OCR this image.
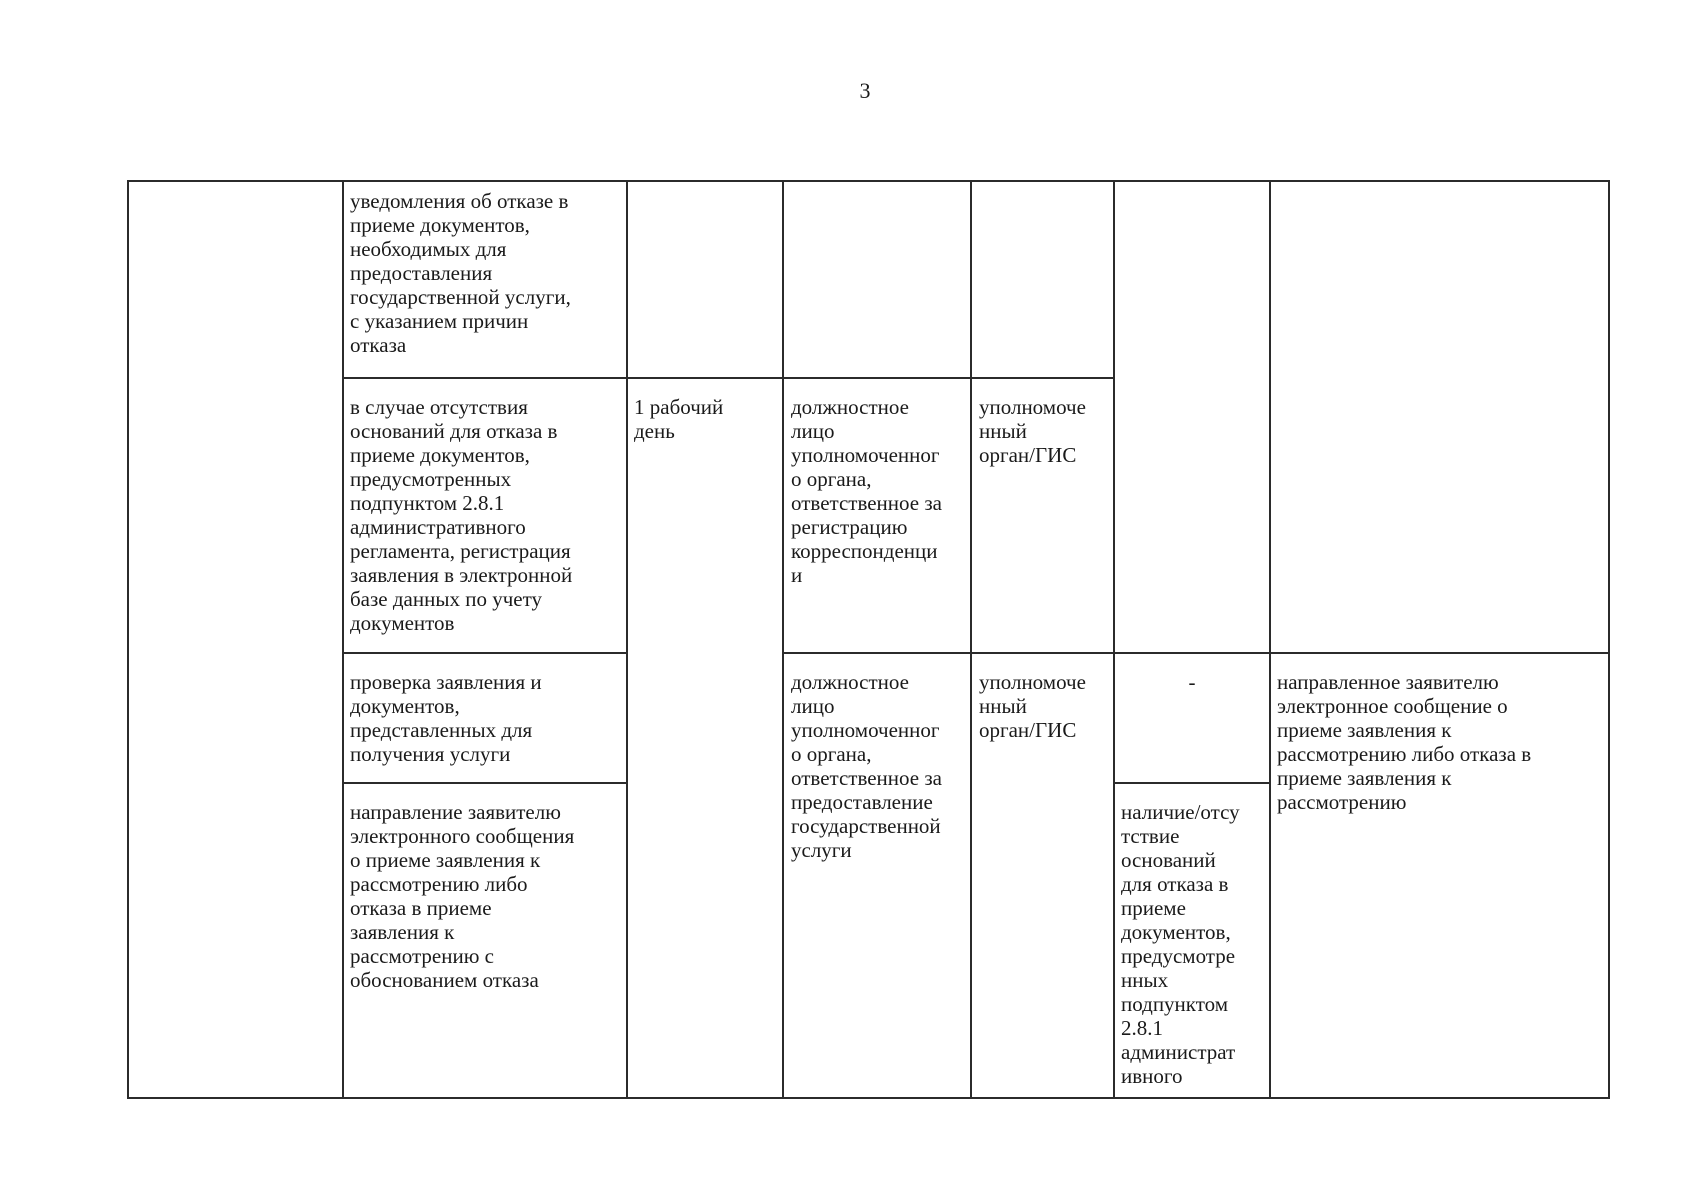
3
уведомления об отказе в
приеме документов,
необходимых для
предоставления
государственной услуги,
с указанием причин
отказа
в случае отсутствия
оснований для отказа в
приеме документов,
предусмотренных
подпунктом 2.8.1
административного
регламента, регистрация
заявления в электронной
базе данных по учету
документов
1 рабочий
день
должностное
лицо
уполномоченног
о органа,
ответственное за
регистрацию
корреспонденци
и
уполномоче
нный
орган/ГИС
проверка заявления и
документов,
представленных для
получения услуги
должностное
лицо
уполномоченног
о органа,
ответственное за
предоставление
государственной
услуги
уполномоче
нный
орган/ГИС
-	направленное заявителю
электронное сообщение о
приеме заявления к
рассмотрению либо отказа в
приеме заявления к
рассмотрению
направление заявителю
электронного сообщения
о приеме заявления к
рассмотрению либо
отказа в приеме
заявления к
рассмотрению с
обоснованием отказа
наличие/отсу
тствие
оснований
для отказа в
приеме
документов,
предусмотре
нных
подпунктом
2.8.1
администрат
ивного
